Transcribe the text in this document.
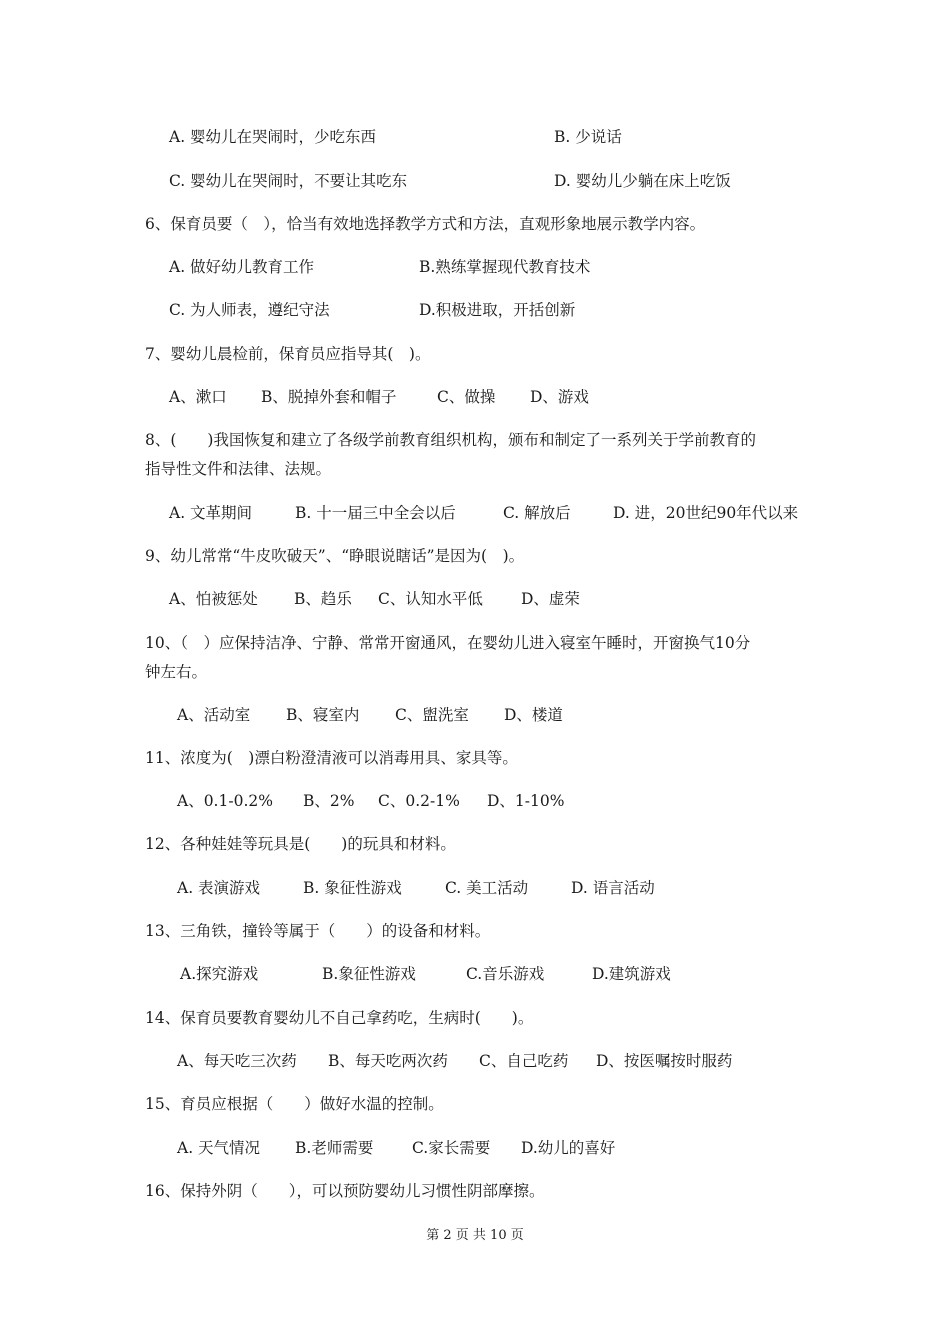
A. 婴幼儿在哭闹时，少吃东西	B. 少说话
C. 婴幼儿在哭闹时，不要让其吃东	D. 婴幼儿少躺在床上吃饭
6、保育员要（　），恰当有效地选择教学方式和方法，直观形象地展示教学内容。
A. 做好幼儿教育工作	B.熟练掌握现代教育技术
C. 为人师表，遵纪守法	D.积极进取，开括创新
7、婴幼儿晨检前，保育员应指导其(　)。
A、漱口 B、脱掉外套和帽子	C、做操 D、游戏
8、(　　)我国恢复和建立了各级学前教育组织机构，颁布和制定了一系列关于学前教育的
指导性文件和法律、法规。
A. 文革期间	B. 十一届三中全会以后	C. 解放后	D. 进，20世纪90年代以来
9、幼儿常常“牛皮吹破天”、“睁眼说瞎话”是因为(　)。
A、怕被惩处 B、趋乐 C、认知水平低 D、虚荣
10、（　）应保持洁净、宁静、常常开窗通风，在婴幼儿进入寝室午睡时，开窗换气10分
钟左右。
A、活动室 B、寝室内 C、盥洗室 D、楼道
11、浓度为(　)漂白粉澄清液可以消毒用具、家具等。
A、0.1-0.2% B、2% C、0.2-1% D、1-10%
12、各种娃娃等玩具是(　　)的玩具和材料。
A. 表演游戏	B. 象征性游戏	C. 美工活动	D. 语言活动
13、三角铁，撞铃等属于（　　）的设备和材料。
A.探究游戏	B.象征性游戏	C.音乐游戏	D.建筑游戏
14、保育员要教育婴幼儿不自己拿药吃，生病时(　　)。
A、每天吃三次药 B、每天吃两次药 C、自己吃药 D、按医嘱按时服药
15、育员应根据（　　）做好水温的控制。
A. 天气情况 B.老师需要 C.家长需要 D.幼儿的喜好
16、保持外阴（　　），可以预防婴幼儿习惯性阴部摩擦。
第 2 页 共 10 页
